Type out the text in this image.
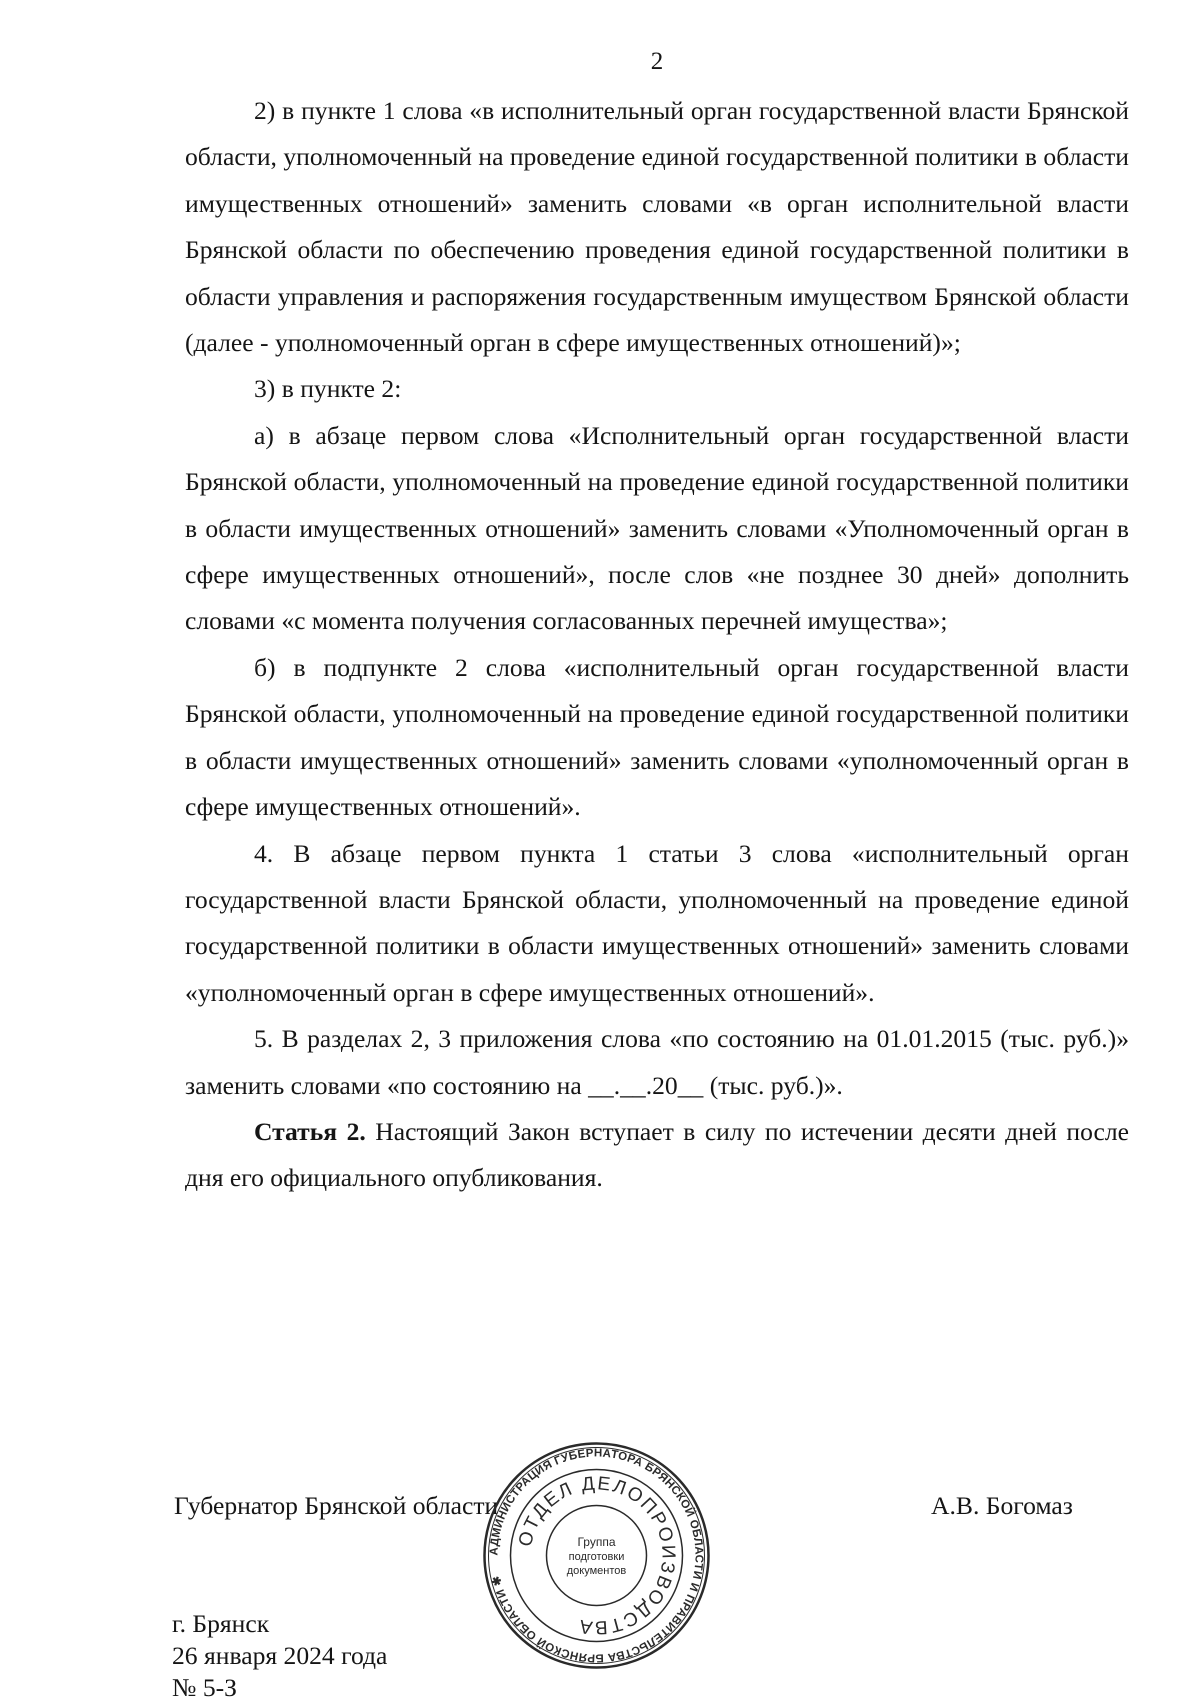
2

2) в пункте 1 слова «в исполнительный орган государственной власти Брянской области, уполномоченный на проведение единой государственной политики в области имущественных отношений» заменить словами «в орган исполнительной власти Брянской области по обеспечению проведения единой государственной политики в области управления и распоряжения государственным имуществом Брянской области (далее - уполномоченный орган в сфере имущественных отношений)»;

3) в пункте 2:

а) в абзаце первом слова «Исполнительный орган государственной власти Брянской области, уполномоченный на проведение единой государственной политики в области имущественных отношений» заменить словами «Уполномоченный орган в сфере имущественных отношений», после слов «не позднее 30 дней» дополнить словами «с момента получения согласованных перечней имущества»;

б) в подпункте 2 слова «исполнительный орган государственной власти Брянской области, уполномоченный на проведение единой государственной политики в области имущественных отношений» заменить словами «уполномоченный орган в сфере имущественных отношений».

4. В абзаце первом пункта 1 статьи 3 слова «исполнительный орган государственной власти Брянской области, уполномоченный на проведение единой государственной политики в области имущественных отношений» заменить словами «уполномоченный орган в сфере имущественных отношений».

5. В разделах 2, 3 приложения слова «по состоянию на 01.01.2015 (тыс. руб.)» заменить словами «по состоянию на __.__.20__ (тыс. руб.)».

Статья 2. Настоящий Закон вступает в силу по истечении десяти дней после дня его официального опубликования.

Губернатор Брянской области	А.В. Богомаз
г. Брянск
26 января 2024 года
№ 5-З
АДМИНИСТРАЦИЯ ГУБЕРНАТОРА БРЯНСКОЙ ОБЛАСТИ И ПРАВИТЕЛЬСТВА БРЯНСКОЙ ОБЛАСТИ ✱
ОТДЕЛ ДЕЛОПРОИЗВОДСТВА
Группа
подготовки
документов
